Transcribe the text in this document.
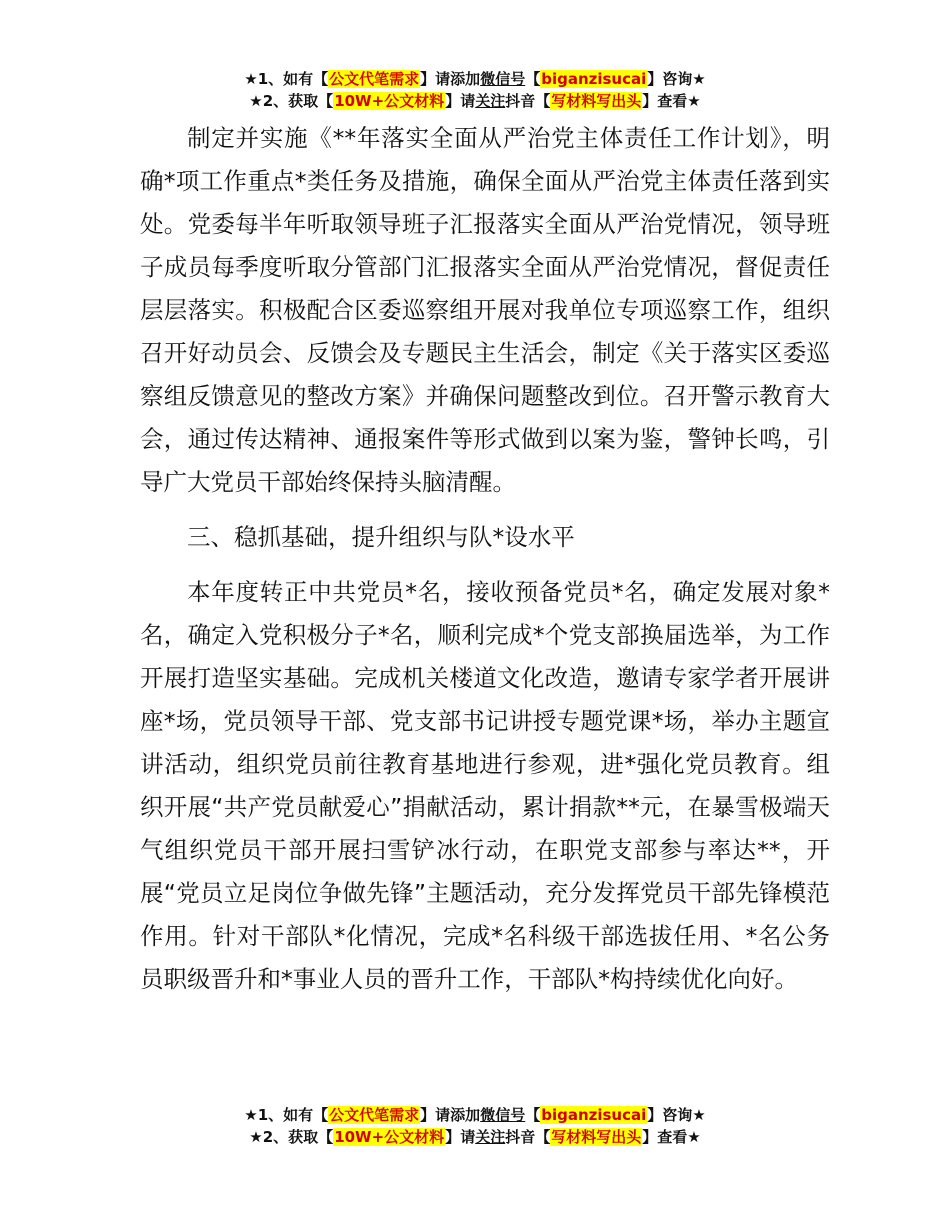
★1、如有【公文代笔需求】请添加微信号【biganzisucai】咨询★
★2、获取【10W+公文材料】请关注抖音【写材料写出头】查看★

制定并实施《**年落实全面从严治党主体责任工作计划》，明确*项工作重点*类任务及措施，确保全面从严治党主体责任落到实处。党委每半年听取领导班子汇报落实全面从严治党情况，领导班子成员每季度听取分管部门汇报落实全面从严治党情况，督促责任层层落实。积极配合区委巡察组开展对我单位专项巡察工作，组织召开好动员会、反馈会及专题民主生活会，制定《关于落实区委巡察组反馈意见的整改方案》并确保问题整改到位。召开警示教育大会，通过传达精神、通报案件等形式做到以案为鉴，警钟长鸣，引导广大党员干部始终保持头脑清醒。

三、稳抓基础，提升组织与队*设水平

本年度转正中共党员*名，接收预备党员*名，确定发展对象*名，确定入党积极分子*名，顺利完成*个党支部换届选举，为工作开展打造坚实基础。完成机关楼道文化改造，邀请专家学者开展讲座*场，党员领导干部、党支部书记讲授专题党课*场，举办主题宣讲活动，组织党员前往教育基地进行参观，进*强化党员教育。组织开展“共产党员献爱心”捐献活动，累计捐款**元，在暴雪极端天气组织党员干部开展扫雪铲冰行动，在职党支部参与率达**，开展“党员立足岗位争做先锋”主题活动，充分发挥党员干部先锋模范作用。针对干部队*化情况，完成*名科级干部选拔任用、*名公务员职级晋升和*事业人员的晋升工作，干部队*构持续优化向好。

★1、如有【公文代笔需求】请添加微信号【biganzisucai】咨询★
★2、获取【10W+公文材料】请关注抖音【写材料写出头】查看★
